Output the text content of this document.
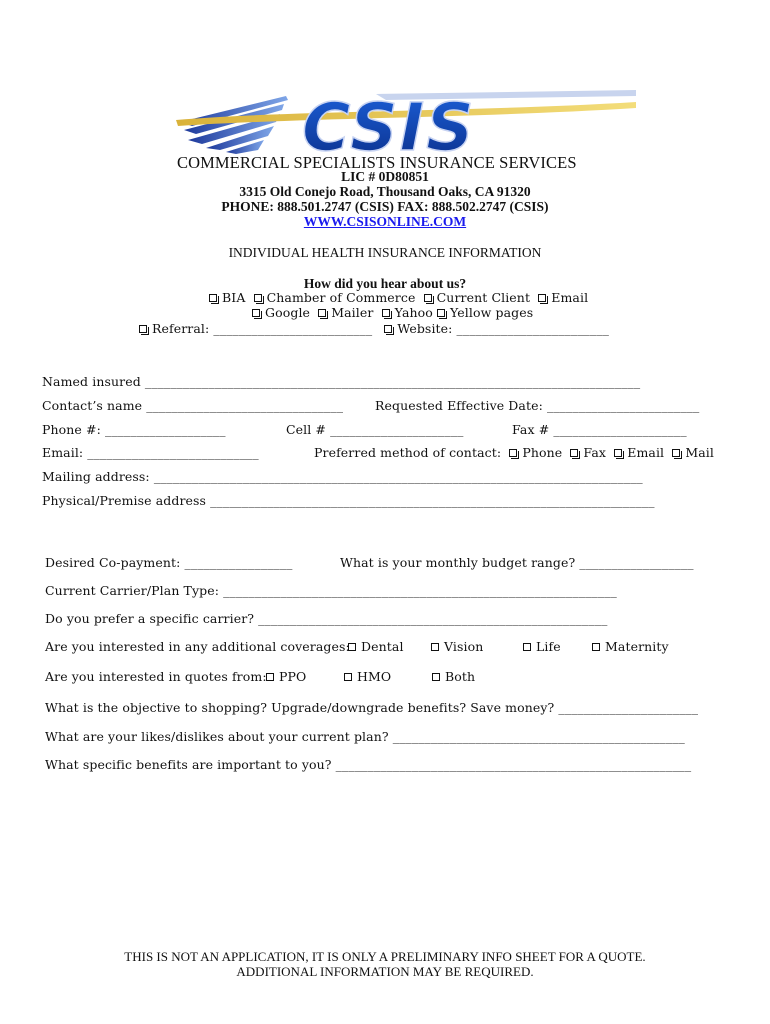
CSIS
COMMERCIAL SPECIALISTS INSURANCE SERVICES
LIC # 0D80851
3315 Old Conejo Road, Thousand Oaks, CA 91320
PHONE: 888.501.2747 (CSIS) FAX: 888.502.2747 (CSIS)
WWW.CSISONLINE.COM
INDIVIDUAL HEALTH INSURANCE INFORMATION
How did you hear about us?
BIA Chamber of Commerce Current Client Email
Google Mailer Yahoo Yellow pages
Referral: _________________________ Website: ________________________
Named insured ______________________________________________________________________________
Contact’s name _______________________________	Requested Effective Date: ________________________
Phone #: ___________________	Cell # _____________________	Fax # _____________________
Email: ___________________________	Preferred method of contact: Phone Fax Email Mail
Mailing address: _____________________________________________________________________________
Physical/Premise address ______________________________________________________________________
Desired Co-payment: _________________	What is your monthly budget range? __________________
Current Carrier/Plan Type: ______________________________________________________________
Do you prefer a specific carrier? _______________________________________________________
Are you interested in any additional coverages: Dental	Vision	Life	Maternity
Are you interested in quotes from: PPO	HMO	Both
What is the objective to shopping? Upgrade/downgrade benefits? Save money? ______________________
What are your likes/dislikes about your current plan? ______________________________________________
What specific benefits are important to you? ________________________________________________________
THIS IS NOT AN APPLICATION, IT IS ONLY A PRELIMINARY INFO SHEET FOR A QUOTE.
ADDITIONAL INFORMATION MAY BE REQUIRED.
